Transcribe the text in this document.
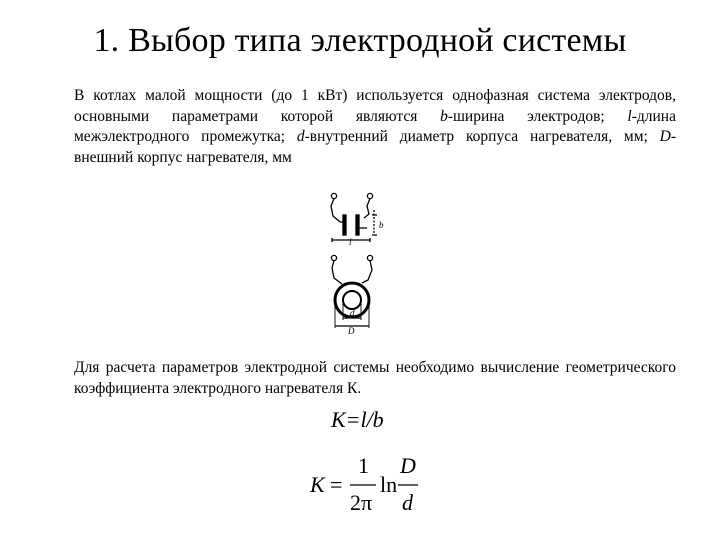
1. Выбор типа электродной системы

В котлах малой мощности (до 1 кВт) используется однофазная система электродов, основными параметрами которой являются b-ширина электродов; l-длина межэлектродного промежутка; d-внутренний диаметр корпуса нагревателя, мм; D-внешний корпус нагревателя, мм

b
l
d
D

Для расчета параметров электродной системы необходимо вычисление геометрического коэффициента электродного нагревателя К.

К=l/b
K =
1
2π
ln
D
d
